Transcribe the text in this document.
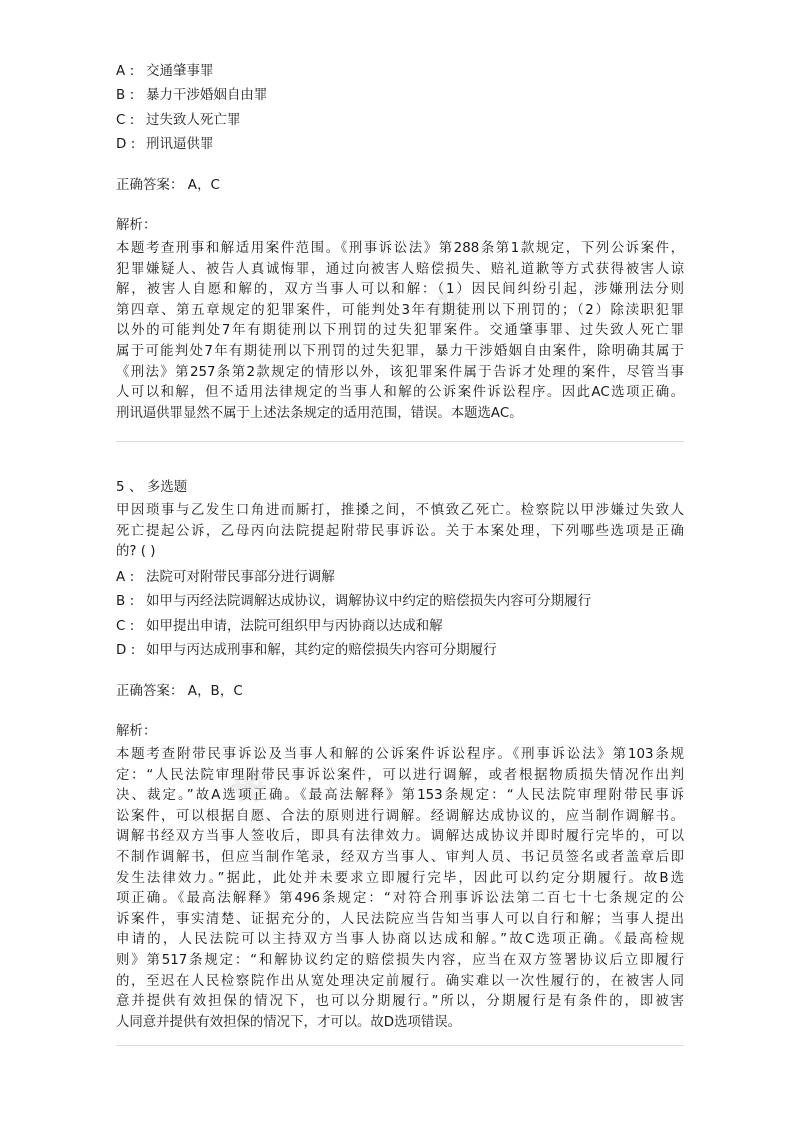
❄
❄
A : 交通肇事罪
B : 暴力干涉婚姻自由罪
C : 过失致人死亡罪
D : 刑讯逼供罪
正确答案： A，C
解析：
本题考查刑事和解适用案件范围。《刑事诉讼法》第288条第1款规定，下列公诉案件，
犯罪嫌疑人、被告人真诚悔罪，通过向被害人赔偿损失、赔礼道歉等方式获得被害人谅
解，被害人自愿和解的，双方当事人可以和解：（1）因民间纠纷引起，涉嫌刑法分则
第四章、第五章规定的犯罪案件，可能判处3年有期徒刑以下刑罚的；（2）除渎职犯罪
以外的可能判处7年有期徒刑以下刑罚的过失犯罪案件。交通肇事罪、过失致人死亡罪
属于可能判处7年有期徒刑以下刑罚的过失犯罪，暴力干涉婚姻自由案件，除明确其属于
《刑法》第257条第2款规定的情形以外，该犯罪案件属于告诉才处理的案件，尽管当事
人可以和解，但不适用法律规定的当事人和解的公诉案件诉讼程序。因此AC选项正确。
刑讯逼供罪显然不属于上述法条规定的适用范围，错误。本题选AC。
5 、 多选题
甲因琐事与乙发生口角进而厮打，推搡之间，不慎致乙死亡。检察院以甲涉嫌过失致人
死亡提起公诉，乙母丙向法院提起附带民事诉讼。关于本案处理，下列哪些选项是正确
的? ( )
A : 法院可对附带民事部分进行调解
B : 如甲与丙经法院调解达成协议，调解协议中约定的赔偿损失内容可分期履行
C : 如甲提出申请，法院可组织甲与丙协商以达成和解
D : 如甲与丙达成刑事和解，其约定的赔偿损失内容可分期履行
正确答案： A，B，C
解析：
本题考查附带民事诉讼及当事人和解的公诉案件诉讼程序。《刑事诉讼法》第103条规
定：“人民法院审理附带民事诉讼案件，可以进行调解，或者根据物质损失情况作出判
决、裁定。”故A选项正确。《最高法解释》第153条规定：“人民法院审理附带民事诉
讼案件，可以根据自愿、合法的原则进行调解。经调解达成协议的，应当制作调解书。
调解书经双方当事人签收后，即具有法律效力。调解达成协议并即时履行完毕的，可以
不制作调解书，但应当制作笔录，经双方当事人、审判人员、书记员签名或者盖章后即
发生法律效力。”据此，此处并未要求立即履行完毕，因此可以约定分期履行。故B选
项正确。《最高法解释》第496条规定：“对符合刑事诉讼法第二百七十七条规定的公
诉案件，事实清楚、证据充分的，人民法院应当告知当事人可以自行和解；当事人提出
申请的，人民法院可以主持双方当事人协商以达成和解。”故C选项正确。《最高检规
则》第517条规定：“和解协议约定的赔偿损失内容，应当在双方签署协议后立即履行
的，至迟在人民检察院作出从宽处理决定前履行。确实难以一次性履行的，在被害人同
意并提供有效担保的情况下，也可以分期履行。”所以，分期履行是有条件的，即被害
人同意并提供有效担保的情况下，才可以。故D选项错误。
